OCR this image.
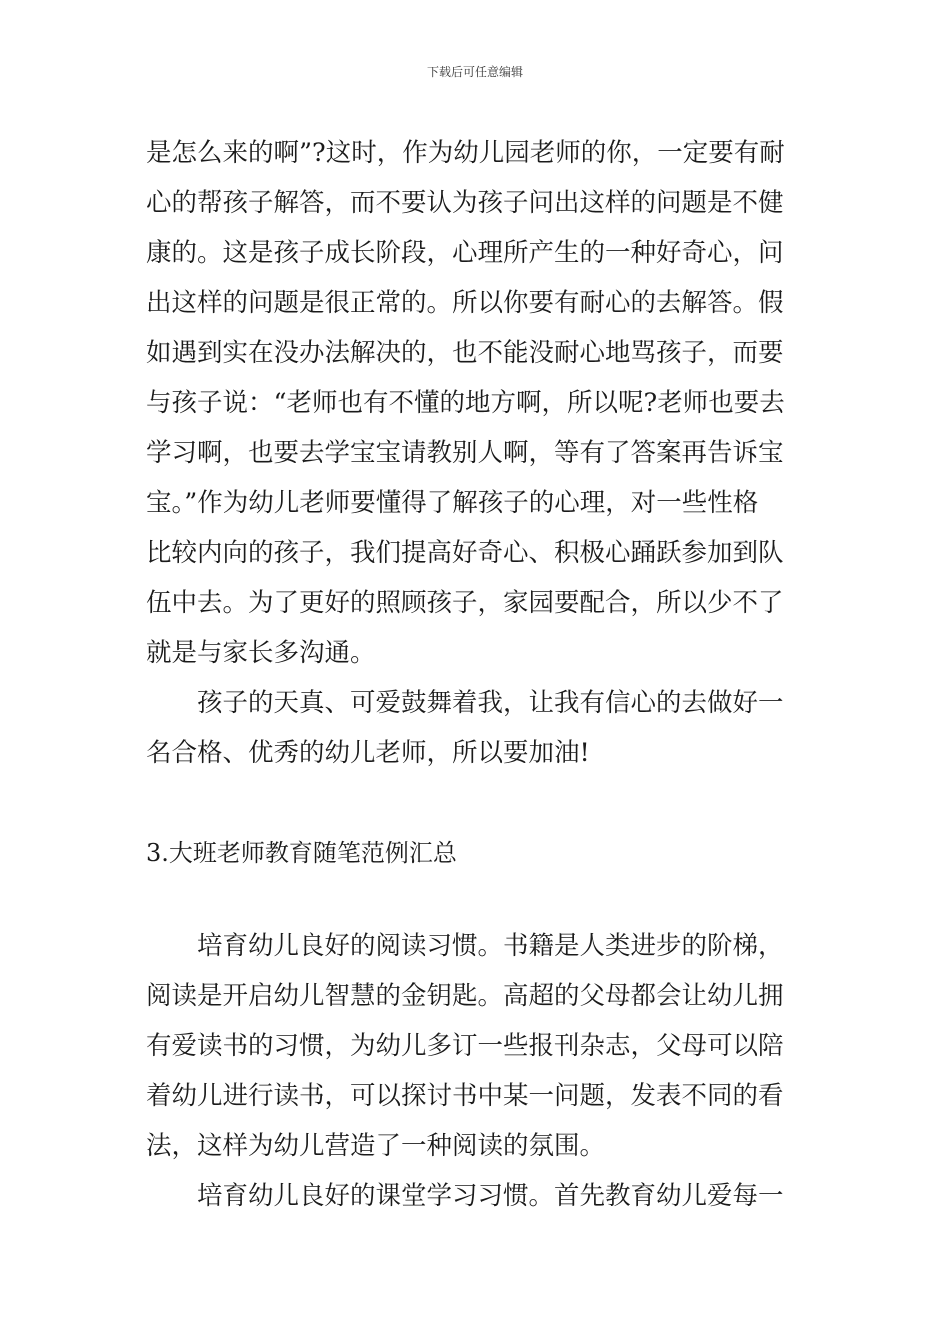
下载后可任意编辑
是怎么来的啊”?这时，作为幼儿园老师的你，一定要有耐
心的帮孩子解答，而不要认为孩子问出这样的问题是不健
康的。这是孩子成长阶段，心理所产生的一种好奇心，问
出这样的问题是很正常的。所以你要有耐心的去解答。假
如遇到实在没办法解决的，也不能没耐心地骂孩子，而要
与孩子说：“老师也有不懂的地方啊，所以呢?老师也要去
学习啊，也要去学宝宝请教别人啊，等有了答案再告诉宝
宝。”作为幼儿老师要懂得了解孩子的心理，对一些性格
比较内向的孩子，我们提高好奇心、积极心踊跃参加到队
伍中去。为了更好的照顾孩子，家园要配合，所以少不了
就是与家长多沟通。
孩子的天真、可爱鼓舞着我，让我有信心的去做好一
名合格、优秀的幼儿老师，所以要加油!
3.大班老师教育随笔范例汇总
培育幼儿良好的阅读习惯。书籍是人类进步的阶梯，
阅读是开启幼儿智慧的金钥匙。高超的父母都会让幼儿拥
有爱读书的习惯，为幼儿多订一些报刊杂志，父母可以陪
着幼儿进行读书，可以探讨书中某一问题，发表不同的看
法，这样为幼儿营造了一种阅读的氛围。
培育幼儿良好的课堂学习习惯。首先教育幼儿爱每一
